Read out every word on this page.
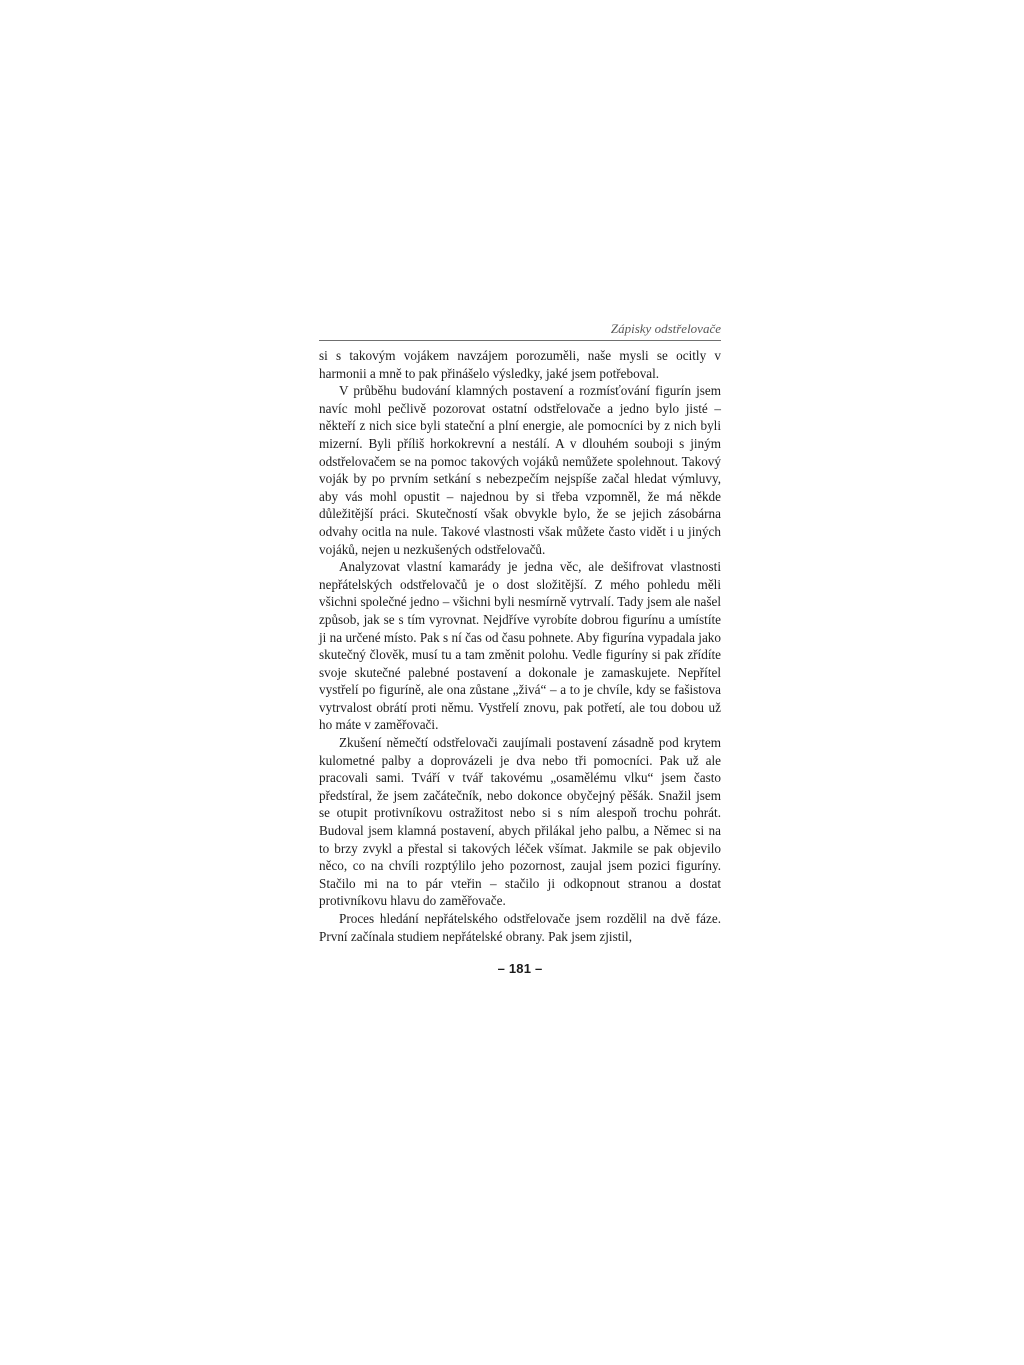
Zápisky odstřelovače

si s takovým vojákem navzájem porozuměli, naše mysli se ocitly v harmonii a mně to pak přinášelo výsledky, jaké jsem potřeboval.

V průběhu budování klamných postavení a rozmísťování figurín jsem navíc mohl pečlivě pozorovat ostatní odstřelovače a jedno bylo jisté – někteří z nich sice byli stateční a plní energie, ale pomocníci by z nich byli mizerní. Byli příliš horkokrevní a nestálí. A v dlouhém souboji s jiným odstřelovačem se na pomoc takových vojáků nemůžete spolehnout. Takový voják by po prvním setkání s nebezpečím nejspíše začal hledat výmluvy, aby vás mohl opustit – najednou by si třeba vzpomněl, že má někde důležitější práci. Skutečností však obvykle bylo, že se jejich zásobárna odvahy ocitla na nule. Takové vlastnosti však můžete často vidět i u jiných vojáků, nejen u nezkušených odstřelovačů.

Analyzovat vlastní kamarády je jedna věc, ale dešifrovat vlastnosti nepřátelských odstřelovačů je o dost složitější. Z mého pohledu měli všichni společné jedno – všichni byli nesmírně vytrvalí. Tady jsem ale našel způsob, jak se s tím vyrovnat. Nejdříve vyrobíte dobrou figurínu a umístíte ji na určené místo. Pak s ní čas od času pohnete. Aby figurína vypadala jako skutečný člověk, musí tu a tam změnit polohu. Vedle figuríny si pak zřídíte svoje skutečné palebné postavení a dokonale je zamaskujete. Nepřítel vystřelí po figuríně, ale ona zůstane „živá“ – a to je chvíle, kdy se fašistova vytrvalost obrátí proti němu. Vystřelí znovu, pak potřetí, ale tou dobou už ho máte v zaměřovači.

Zkušení němečtí odstřelovači zaujímali postavení zásadně pod krytem kulometné palby a doprovázeli je dva nebo tři pomocníci. Pak už ale pracovali sami. Tváří v tvář takovému „osamělému vlku“ jsem často předstíral, že jsem začátečník, nebo dokonce obyčejný pěšák. Snažil jsem se otupit protivníkovu ostražitost nebo si s ním alespoň trochu pohrát. Budoval jsem klamná postavení, abych přilákal jeho palbu, a Němec si na to brzy zvykl a přestal si takových léček všímat. Jakmile se pak objevilo něco, co na chvíli rozptýlilo jeho pozornost, zaujal jsem pozici figuríny. Stačilo mi na to pár vteřin – stačilo ji odkopnout stranou a dostat protivníkovu hlavu do zaměřovače.

Proces hledání nepřátelského odstřelovače jsem rozdělil na dvě fáze. První začínala studiem nepřátelské obrany. Pak jsem zjistil,

– 181 –
